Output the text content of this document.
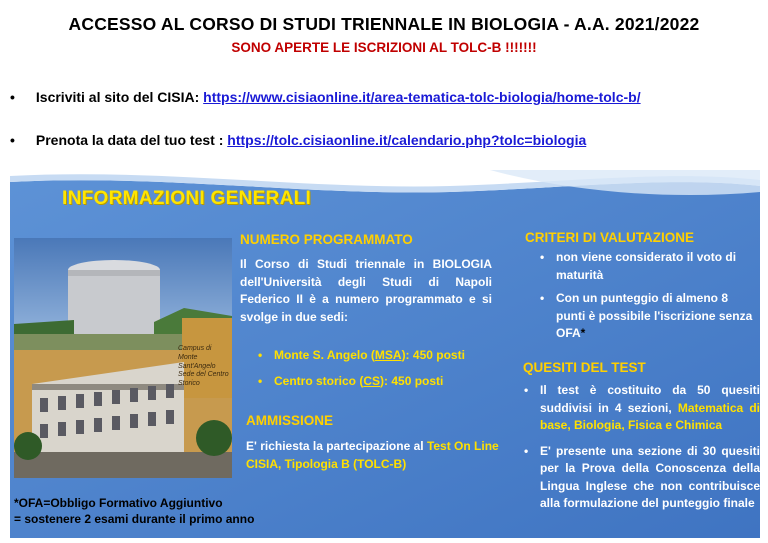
ACCESSO AL CORSO DI STUDI TRIENNALE IN BIOLOGIA - A.A. 2021/2022
SONO APERTE LE ISCRIZIONI AL TOLC-B !!!!!!!
• Iscriviti al sito del CISIA: https://www.cisiaonline.it/area-tematica-tolc-biologia/home-tolc-b/
• Prenota la data del tuo test : https://tolc.cisiaonline.it/calendario.php?tolc=biologia
INFORMAZIONI GENERALI
Campus di Monte Sant'Angelo
Sede del Centro Storico
NUMERO PROGRAMMATO
Il Corso di Studi triennale in BIOLOGIA dell'Università degli Studi di Napoli Federico II è a numero programmato e si svolge in due sedi:
• Monte S. Angelo (MSA): 450 posti
• Centro storico (CS): 450 posti
AMMISSIONE
E' richiesta la partecipazione al Test On Line CISIA, Tipologia B (TOLC-B)
CRITERI DI VALUTAZIONE
• non viene considerato il voto di maturità
• Con un punteggio di almeno 8 punti è possibile l'iscrizione senza OFA*
QUESITI DEL TEST
• Il test è costituito da 50 quesiti suddivisi in 4 sezioni, Matematica di base, Biologia, Fisica e Chimica
• E' presente una sezione di 30 quesiti per la Prova della Conoscenza della Lingua Inglese che non contribuisce alla formulazione del punteggio finale
*OFA=Obbligo Formativo Aggiuntivo
= sostenere 2 esami durante il primo anno
